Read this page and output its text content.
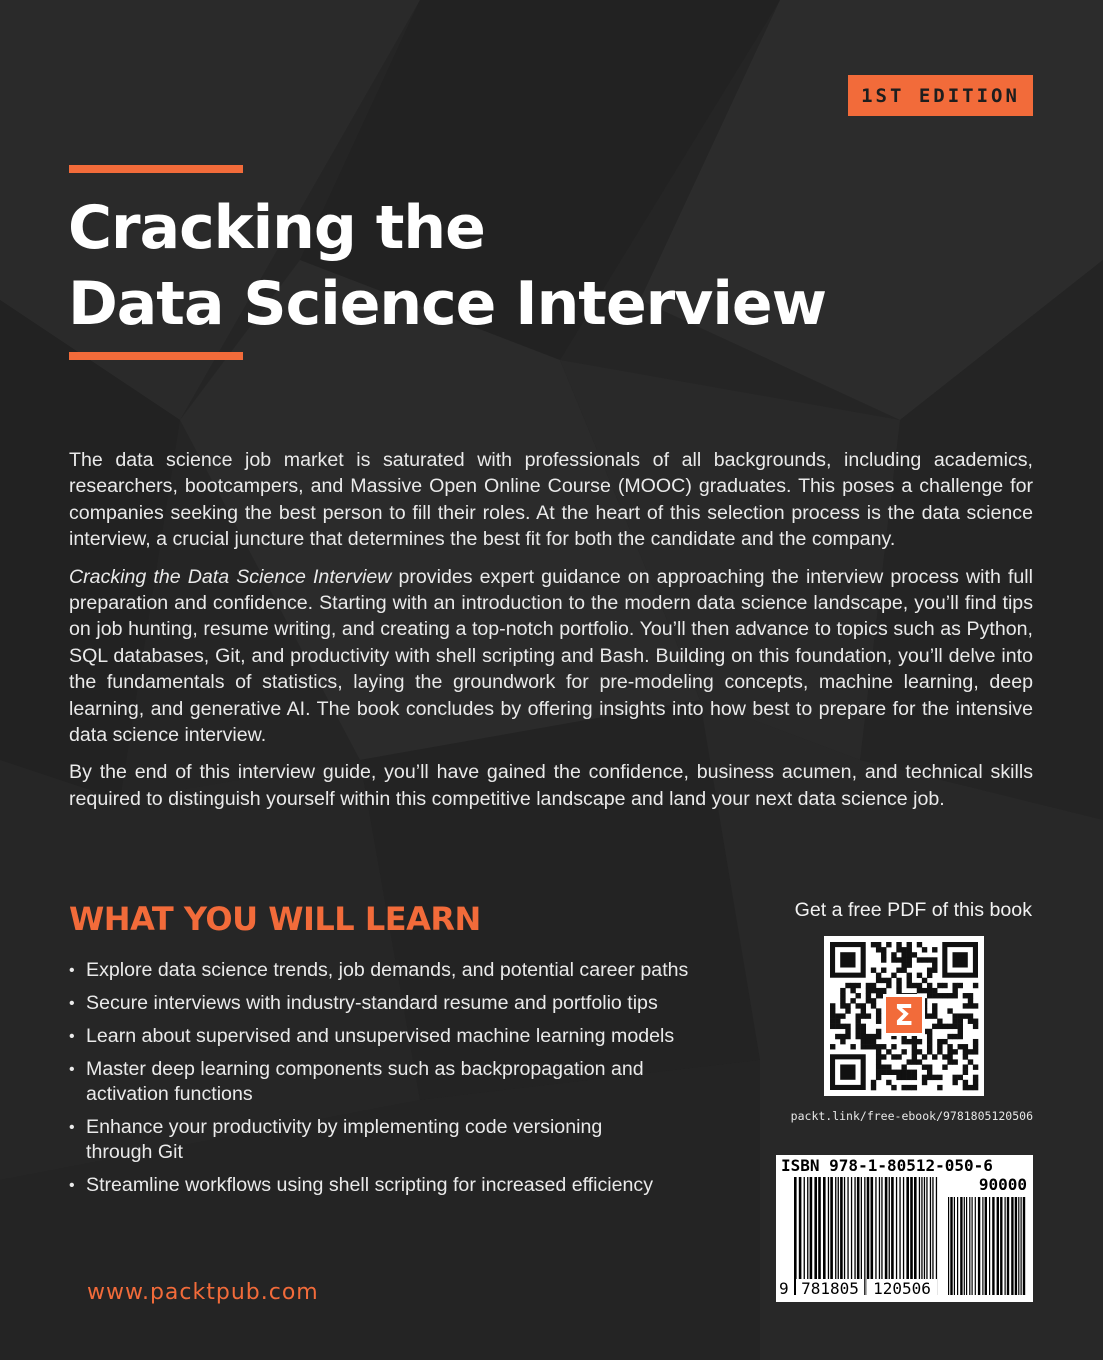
1ST EDITION
Cracking the
Data Science Interview

The data science job market is saturated with professionals of all backgrounds, including academics, researchers, bootcampers, and Massive Open Online Course (MOOC) graduates. This poses a challenge for companies seeking the best person to fill their roles. At the heart of this selection process is the data science interview, a crucial juncture that determines the best fit for both the candidate and the company.

Cracking the Data Science Interview provides expert guidance on approaching the interview process with full preparation and confidence. Starting with an introduction to the modern data science landscape, you’ll find tips on job hunting, resume writing, and creating a top-notch portfolio. You’ll then advance to topics such as Python, SQL databases, Git, and productivity with shell scripting and Bash. Building on this foundation, you’ll delve into the fundamentals of statistics, laying the groundwork for pre-modeling concepts, machine learning, deep learning, and generative AI. The book concludes by offering insights into how best to prepare for the intensive data science interview.

By the end of this interview guide, you’ll have gained the confidence, business acumen, and technical skills required to distinguish yourself within this competitive landscape and land your next data science job.

WHAT YOU WILL LEARN
• Explore data science trends, job demands, and potential career paths
• Secure interviews with industry-standard resume and portfolio tips
• Learn about supervised and unsupervised machine learning models
• Master deep learning components such as backpropagation and activation functions
• Enhance your productivity by implementing code versioning through Git
• Streamline workflows using shell scripting for increased efficiency
www.packtpub.com
Get a free PDF of this book
Σ
packt.link/free-ebook/9781805120506
ISBN 978-1-80512-050-6
90000
9 781805 120506
